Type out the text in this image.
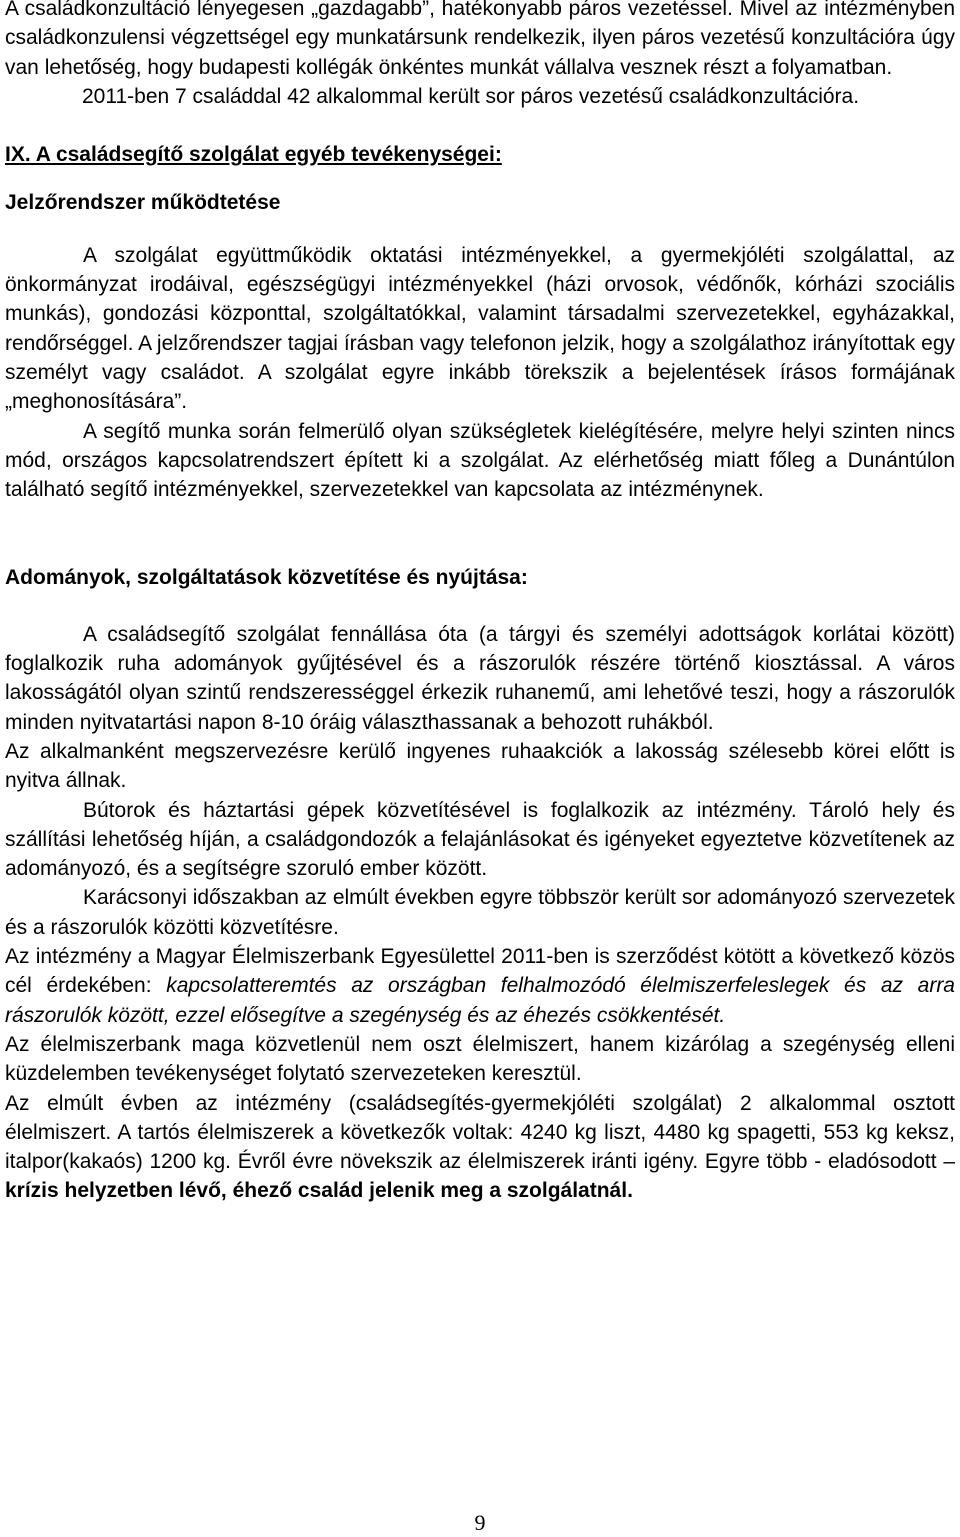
A családkonzultáció lényegesen „gazdagabb”, hatékonyabb páros vezetéssel. Mivel az intézményben családkonzulensi végzettségel egy munkatársunk rendelkezik, ilyen páros vezetésű konzultációra úgy van lehetőség, hogy budapesti kollégák önkéntes munkát vállalva vesznek részt a folyamatban.

2011-ben 7 családdal 42 alkalommal került sor páros vezetésű családkonzultációra.

IX. A családsegítő szolgálat egyéb tevékenységei:

Jelzőrendszer működtetése

A szolgálat együttműködik oktatási intézményekkel, a gyermekjóléti szolgálattal, az önkormányzat irodáival, egészségügyi intézményekkel (házi orvosok, védőnők, kórházi szociális munkás), gondozási központtal, szolgáltatókkal, valamint társadalmi szervezetekkel, egyházakkal, rendőrséggel. A jelzőrendszer tagjai írásban vagy telefonon jelzik, hogy a szolgálathoz irányítottak egy személyt vagy családot. A szolgálat egyre inkább törekszik a bejelentések írásos formájának „meghonosítására”.

A segítő munka során felmerülő olyan szükségletek kielégítésére, melyre helyi szinten nincs mód, országos kapcsolatrendszert épített ki a szolgálat. Az elérhetőség miatt főleg a Dunántúlon található segítő intézményekkel, szervezetekkel van kapcsolata az intézménynek.

Adományok, szolgáltatások közvetítése és nyújtása:

A családsegítő szolgálat fennállása óta (a tárgyi és személyi adottságok korlátai között) foglalkozik ruha adományok gyűjtésével és a rászorulók részére történő kiosztással. A város lakosságától olyan szintű rendszerességgel érkezik ruhanemű, ami lehetővé teszi, hogy a rászorulók minden nyitvatartási napon 8-10 óráig választhassanak a behozott ruhákból.

Az alkalmanként megszervezésre kerülő ingyenes ruhaakciók a lakosság szélesebb körei előtt is nyitva állnak.

Bútorok és háztartási gépek közvetítésével is foglalkozik az intézmény. Tároló hely és szállítási lehetőség híján, a családgondozók a felajánlásokat és igényeket egyeztetve közvetítenek az adományozó, és a segítségre szoruló ember között.

Karácsonyi időszakban az elmúlt években egyre többször került sor adományozó szervezetek és a rászorulók közötti közvetítésre.

Az intézmény a Magyar Élelmiszerbank Egyesülettel 2011-ben is szerződést kötött a következő közös cél érdekében: kapcsolatteremtés az országban felhalmozódó élelmiszerfeleslegek és az arra rászorulók között, ezzel elősegítve a szegénység és az éhezés csökkentését.

Az élelmiszerbank maga közvetlenül nem oszt élelmiszert, hanem kizárólag a szegénység elleni küzdelemben tevékenységet folytató szervezeteken keresztül.

Az elmúlt évben az intézmény (családsegítés-gyermekjóléti szolgálat) 2 alkalommal osztott élelmiszert. A tartós élelmiszerek a következők voltak: 4240 kg liszt, 4480 kg spagetti, 553 kg keksz, italpor(kakaós) 1200 kg. Évről évre növekszik az élelmiszerek iránti igény. Egyre több - eladósodott – krízis helyzetben lévő, éhező család jelenik meg a szolgálatnál.

9
